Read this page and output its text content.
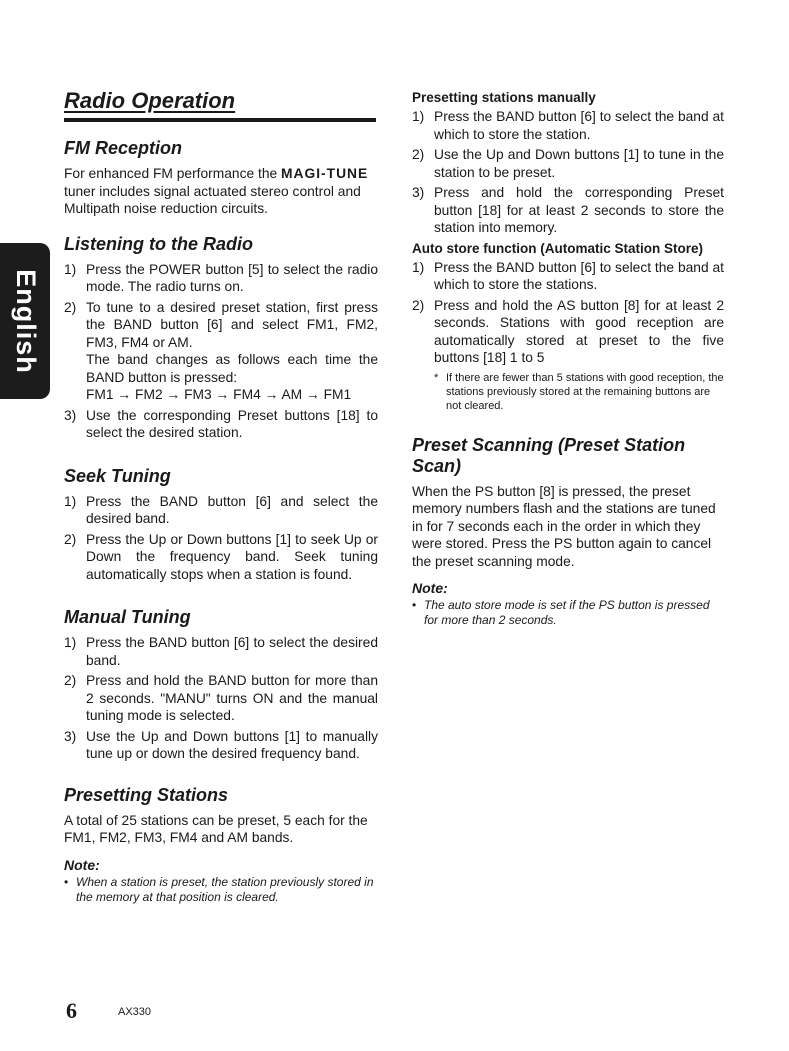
English
Radio Operation
FM Reception

For enhanced FM performance the MAGI-TUNE tuner includes signal actuated stereo control and Multipath noise reduction circuits.

Listening to the Radio
1) Press the POWER button [5] to select the radio mode. The radio turns on.
2) To tune to a desired preset station, first press the BAND button [6] and select FM1, FM2, FM3, FM4 or AM.
The band changes as follows each time the BAND button is pressed:
FM1 → FM2 → FM3 → FM4 → AM → FM1
3) Use the corresponding Preset buttons [18] to select the desired station.
Seek Tuning
1) Press the BAND button [6] and select the desired band.
2) Press the Up or Down buttons [1] to seek Up or Down the frequency band. Seek tuning automatically stops when a station is found.
Manual Tuning
1) Press the BAND button [6] to select the desired band.
2) Press and hold the BAND button for more than 2 seconds. "MANU" turns ON and the manual tuning mode is selected.
3) Use the Up and Down buttons [1] to manually tune up or down the desired frequency band.
Presetting Stations

A total of 25 stations can be preset, 5 each for the FM1, FM2, FM3, FM4 and AM bands.

Note:
• When a station is preset, the station previously stored in the memory at that position is cleared.
Presetting stations manually
1) Press the BAND button [6] to select the band at which to store the station.
2) Use the Up and Down buttons [1] to tune in the station to be preset.
3) Press and hold the corresponding Preset button [18] for at least 2 seconds to store the station into memory.
Auto store function (Automatic Station Store)
1) Press the BAND button [6] to select the band at which to store the stations.
2) Press and hold the AS button [8] for at least 2 seconds. Stations with good reception are automatically stored at preset to the five buttons [18] 1 to 5
* If there are fewer than 5 stations with good reception, the stations previously stored at the remaining buttons are not cleared.
Preset Scanning (Preset Station Scan)

When the PS button [8] is pressed, the preset memory numbers flash and the stations are tuned in for 7 seconds each in the order in which they were stored. Press the PS button again to cancel the preset scanning mode.

Note:
• The auto store mode is set if the PS button is pressed for more than 2 seconds.
6	AX330
